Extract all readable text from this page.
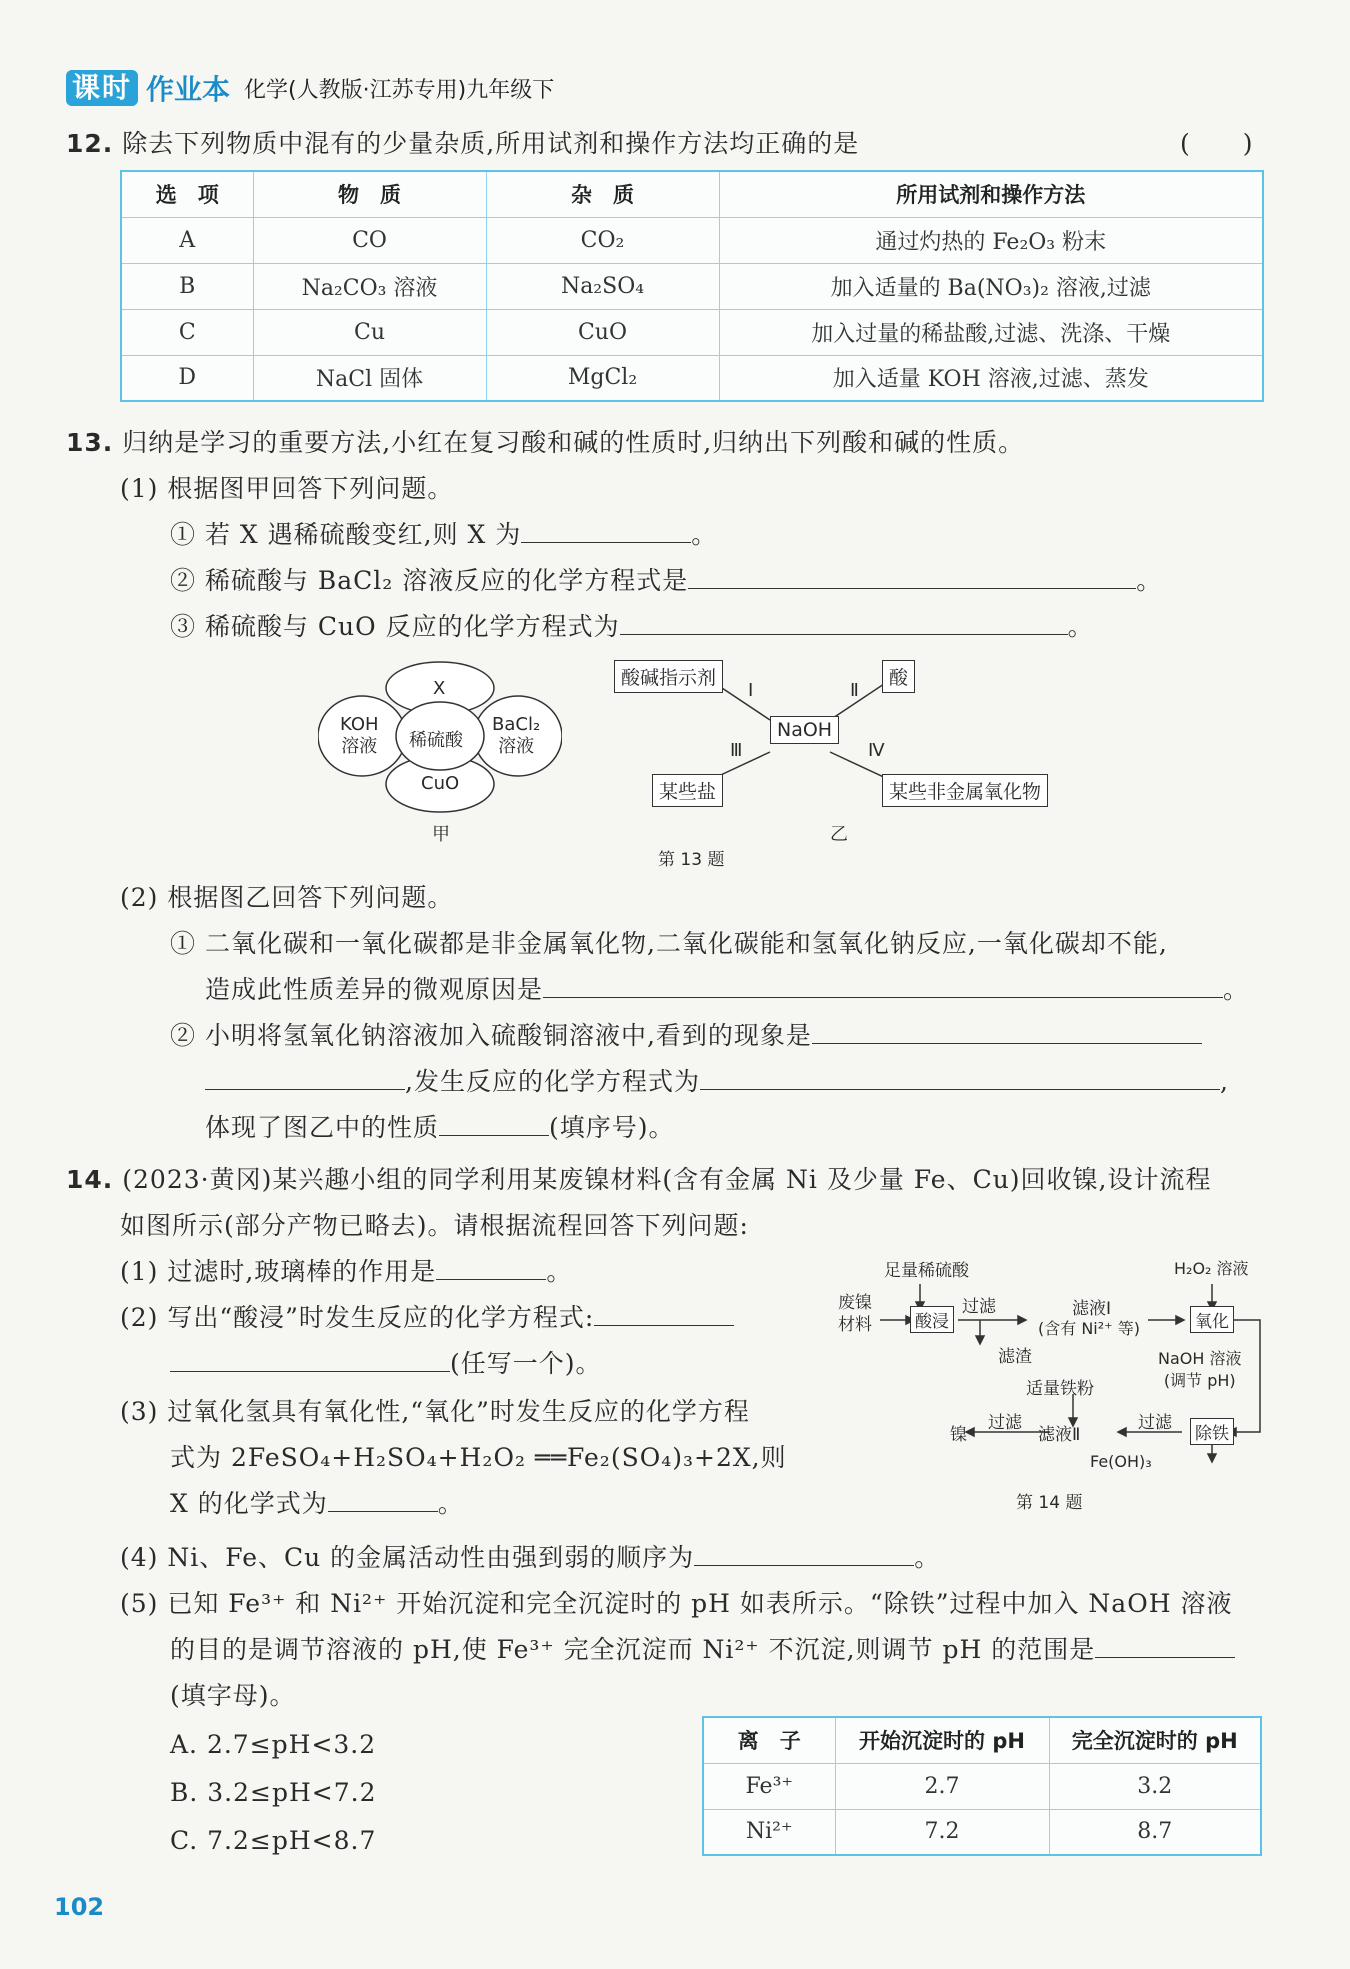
课时 作业本 化学(人教版·江苏专用)九年级下
12. 除去下列物质中混有的少量杂质,所用试剂和操作方法均正确的是	(　　)
选　项	物　质	杂　质	所用试剂和操作方法
A	CO	CO₂	通过灼热的 Fe₂O₃ 粉末
B	Na₂CO₃ 溶液	Na₂SO₄	加入适量的 Ba(NO₃)₂ 溶液,过滤
C	Cu	CuO	加入过量的稀盐酸,过滤、洗涤、干燥
D	NaCl 固体	MgCl₂	加入适量 KOH 溶液,过滤、蒸发
13. 归纳是学习的重要方法,小红在复习酸和碱的性质时,归纳出下列酸和碱的性质。
(1) 根据图甲回答下列问题。
① 若 X 遇稀硫酸变红,则 X 为	。
② 稀硫酸与 BaCl₂ 溶液反应的化学方程式是	。
③ 稀硫酸与 CuO 反应的化学方程式为	。
X
稀硫酸
KOH
溶液
BaCl₂
溶液
CuO
甲
酸碱指示剂	酸
NaOH
某些盐	某些非金属氧化物
Ⅰ	Ⅱ
Ⅲ	Ⅳ
乙
第 13 题
(2) 根据图乙回答下列问题。
① 二氧化碳和一氧化碳都是非金属氧化物,二氧化碳能和氢氧化钠反应,一氧化碳却不能,
造成此性质差异的微观原因是	。
② 小明将氢氧化钠溶液加入硫酸铜溶液中,看到的现象是
,发生反应的化学方程式为	,
体现了图乙中的性质	(填序号)。
14. (2023·黄冈)某兴趣小组的同学利用某废镍材料(含有金属 Ni 及少量 Fe、Cu)回收镍,设计流程
如图所示(部分产物已略去)。请根据流程回答下列问题:
(1) 过滤时,玻璃棒的作用是	。
(2) 写出“酸浸”时发生反应的化学方程式:
(任写一个)。
(3) 过氧化氢具有氧化性,“氧化”时发生反应的化学方程
式为 2FeSO₄+H₂SO₄+H₂O₂ ══Fe₂(SO₄)₃+2X,则
X 的化学式为	。
足量稀硫酸
废镍
材料	酸浸
过滤	滤液Ⅰ
(含有 Ni²⁺ 等)
滤渣
H₂O₂ 溶液
氧化
NaOH 溶液
(调节 pH)
适量铁粉
除铁
过滤
Fe(OH)₃
滤液Ⅱ
过滤
镍
第 14 题
(4) Ni、Fe、Cu 的金属活动性由强到弱的顺序为	。
(5) 已知 Fe³⁺ 和 Ni²⁺ 开始沉淀和完全沉淀时的 pH 如表所示。“除铁”过程中加入 NaOH 溶液
的目的是调节溶液的 pH,使 Fe³⁺ 完全沉淀而 Ni²⁺ 不沉淀,则调节 pH 的范围是
(填字母)。
A. 2.7≤pH<3.2
B. 3.2≤pH<7.2
C. 7.2≤pH<8.7
离　子	开始沉淀时的 pH	完全沉淀时的 pH
Fe³⁺	2.7	3.2
Ni²⁺	7.2	8.7
102
